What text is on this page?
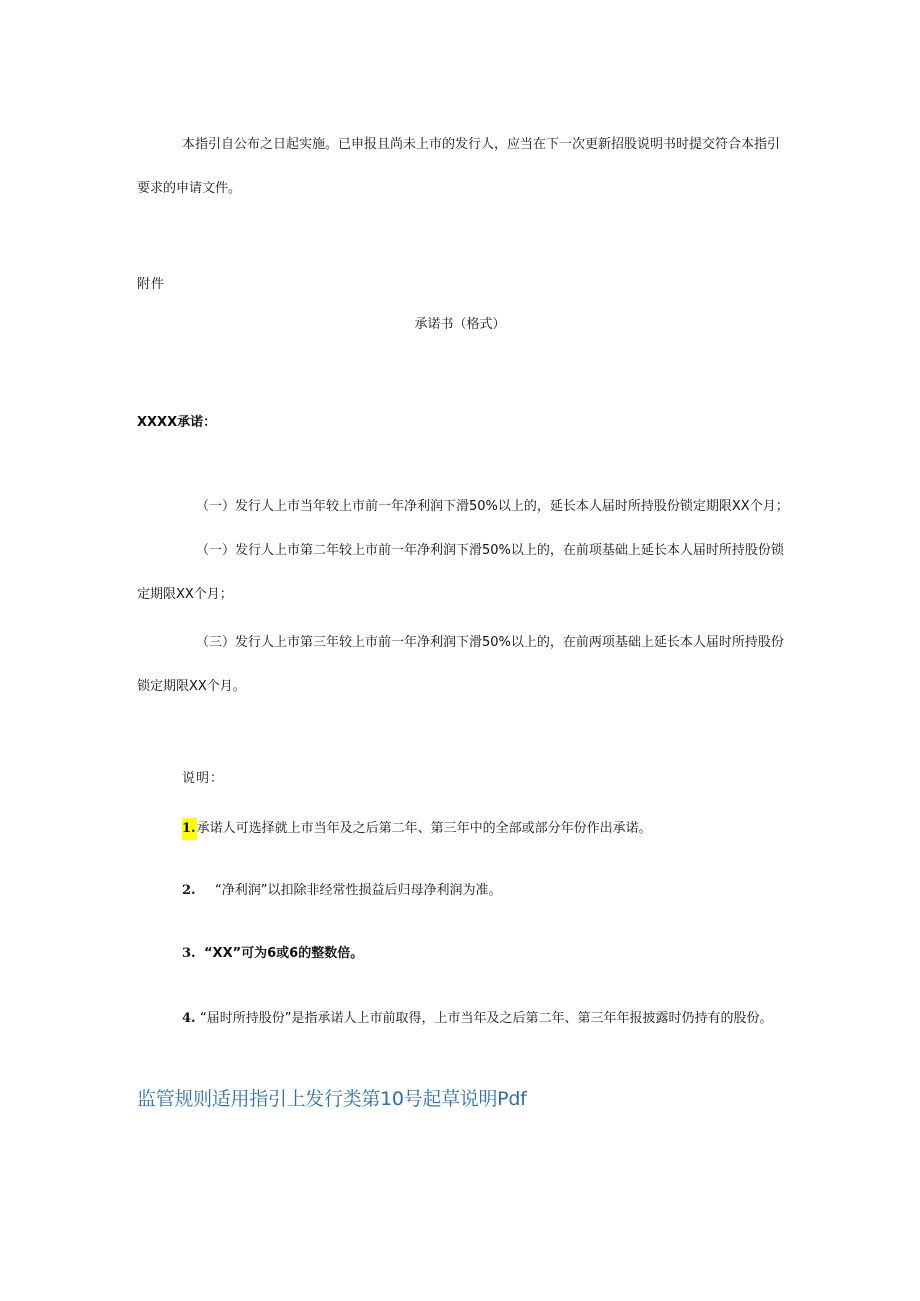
本指引自公布之日起实施。已申报且尚未上市的发行人，应当在下一次更新招股说明书时提交符合本指引
要求的申请文件。
附件
承诺书（格式）
XXXX承诺：
（一）发行人上市当年较上市前一年净利润下滑50%以上的，延长本人届时所持股份锁定期限XX个月；
（一）发行人上市第二年较上市前一年净利润下滑50%以上的，在前项基础上延长本人届时所持股份锁
定期限XX个月；
（三）发行人上市第三年较上市前一年净利润下滑50%以上的，在前两项基础上延长本人届时所持股份
锁定期限XX个月。
说明：
1.承诺人可选择就上市当年及之后第二年、第三年中的全部或部分年份作出承诺。
2. “净利润”以扣除非经常性损益后归母净利润为准。
3. “XX”可为6或6的整数倍。
4. “届时所持股份”是指承诺人上市前取得，上市当年及之后第二年、第三年年报披露时仍持有的股份。
监管规则适用指引上发行类第10号起草说明Pdf
